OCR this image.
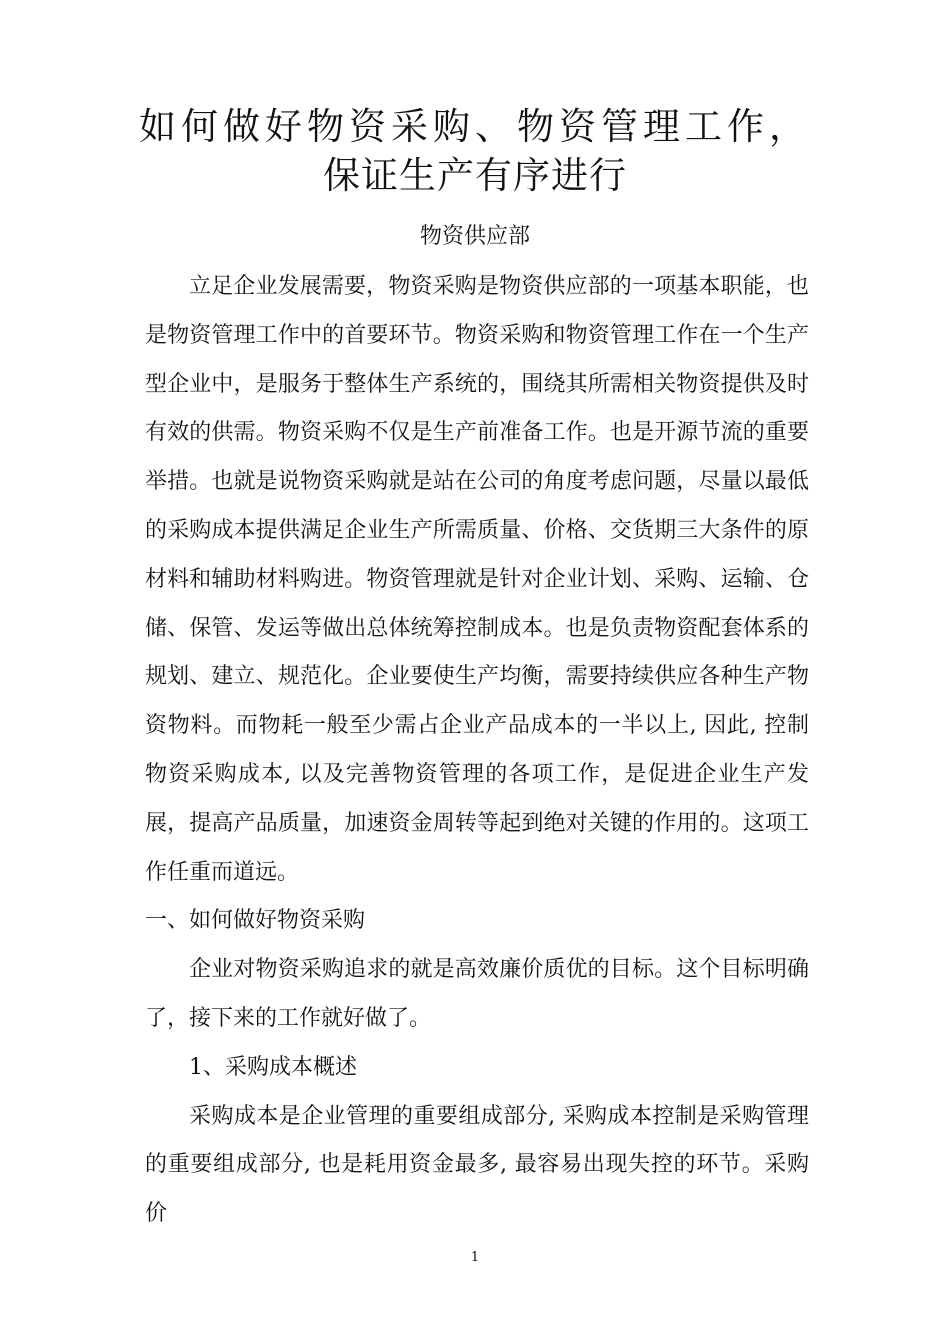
如何做好物资采购、物资管理工作，
保证生产有序进行
物资供应部

立足企业发展需要，物资采购是物资供应部的一项基本职能，也是物资管理工作中的首要环节。物资采购和物资管理工作在一个生产型企业中，是服务于整体生产系统的，围绕其所需相关物资提供及时有效的供需。物资采购不仅是生产前准备工作。也是开源节流的重要举措。也就是说物资采购就是站在公司的角度考虑问题，尽量以最低的采购成本提供满足企业生产所需质量、价格、交货期三大条件的原材料和辅助材料购进。物资管理就是针对企业计划、采购、运输、仓储、保管、发运等做出总体统筹控制成本。也是负责物资配套体系的规划、建立、规范化。企业要使生产均衡，需要持续供应各种生产物资物料。而物耗一般至少需占企业产品成本的一半以上, 因此, 控制物资采购成本, 以及完善物资管理的各项工作，是促进企业生产发展，提高产品质量，加速资金周转等起到绝对关键的作用的。这项工作任重而道远。

一、如何做好物资采购

企业对物资采购追求的就是高效廉价质优的目标。这个目标明确了，接下来的工作就好做了。

1、采购成本概述

采购成本是企业管理的重要组成部分, 采购成本控制是采购管理的重要组成部分, 也是耗用资金最多, 最容易出现失控的环节。采购价

1
